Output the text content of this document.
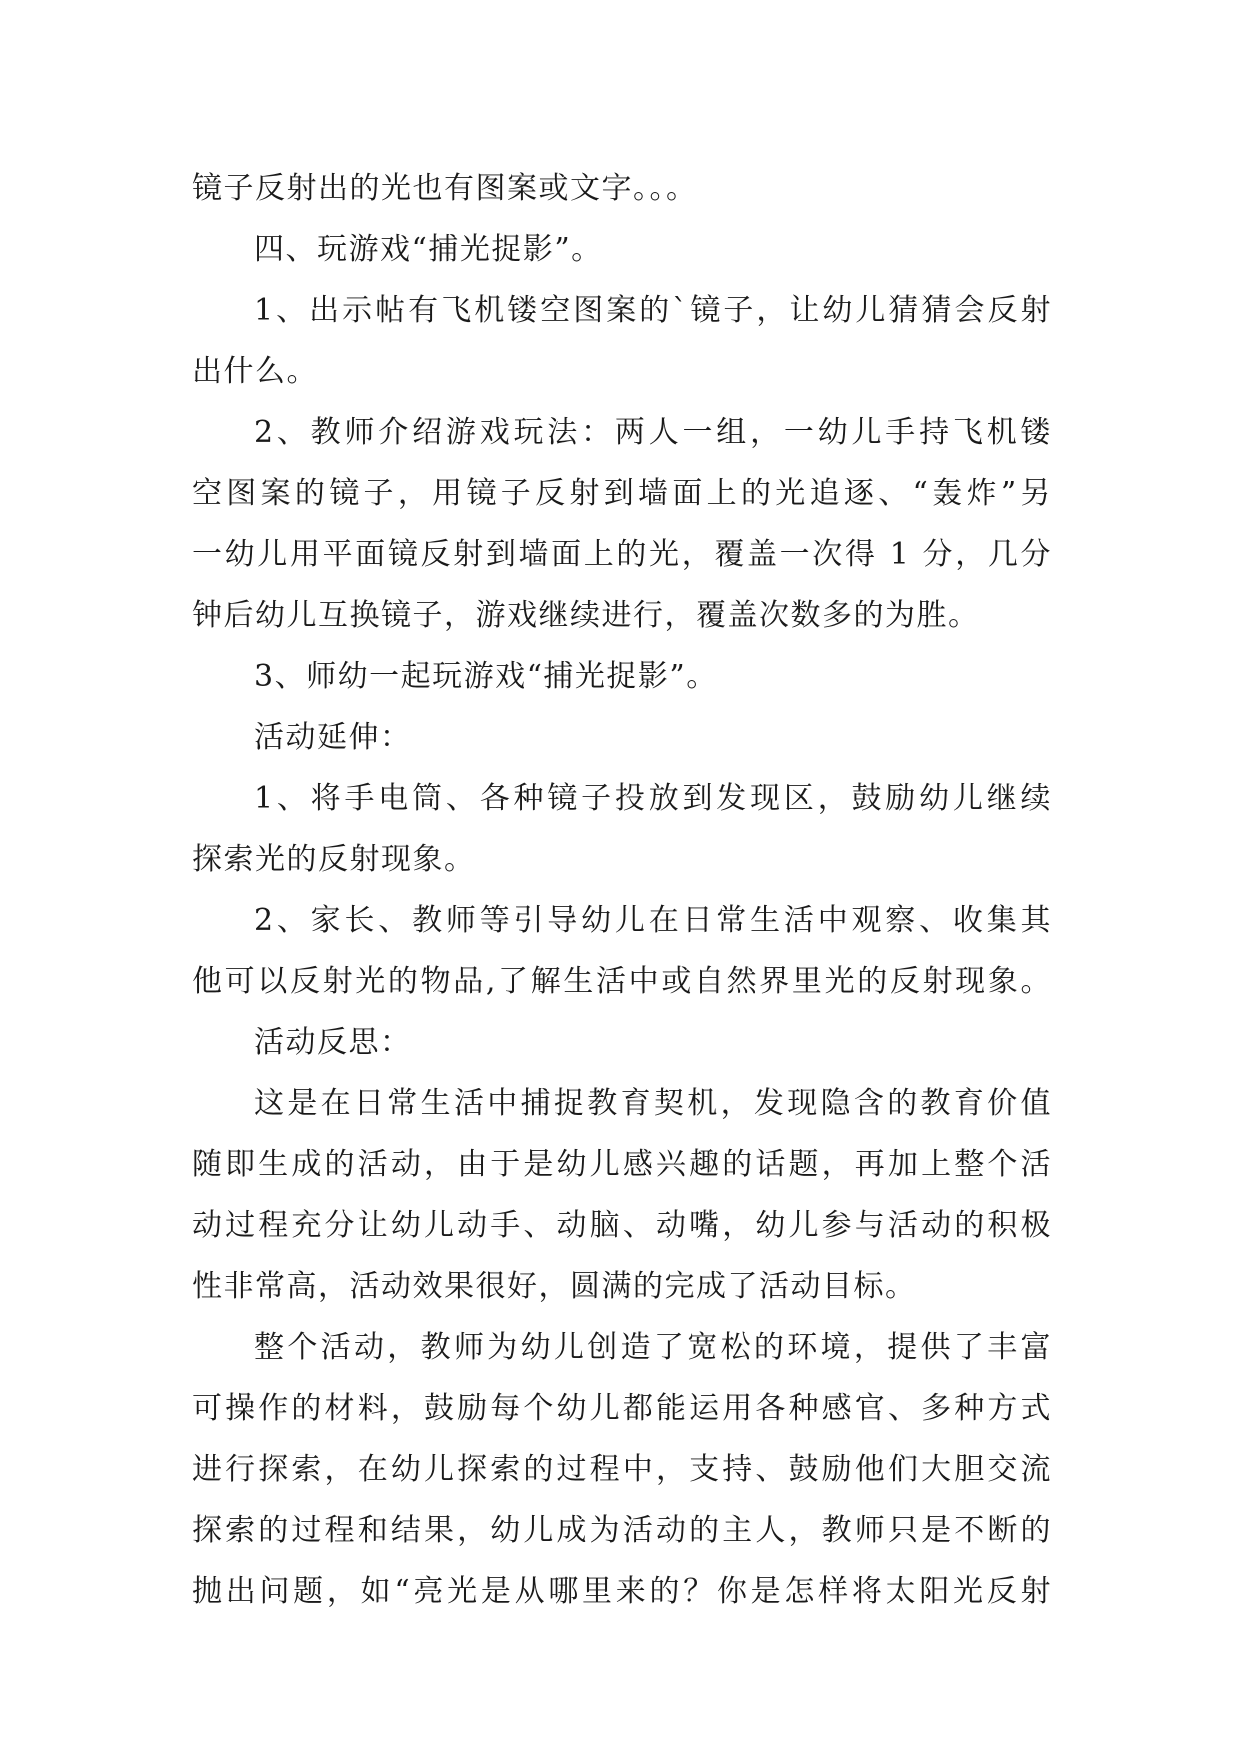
镜子反射出的光也有图案或文字。。。
四、玩游戏“捕光捉影”。
1、出示帖有飞机镂空图案的`镜子，让幼儿猜猜会反射
出什么。
2、教师介绍游戏玩法：两人一组，一幼儿手持飞机镂
空图案的镜子，用镜子反射到墙面上的光追逐、“轰炸”另
一幼儿用平面镜反射到墙面上的光，覆盖一次得 1 分，几分
钟后幼儿互换镜子，游戏继续进行，覆盖次数多的为胜。
3、师幼一起玩游戏“捕光捉影”。
活动延伸：
1、将手电筒、各种镜子投放到发现区，鼓励幼儿继续
探索光的反射现象。
2、家长、教师等引导幼儿在日常生活中观察、收集其
他可以反射光的物品,了解生活中或自然界里光的反射现象。
活动反思：
这是在日常生活中捕捉教育契机，发现隐含的教育价值
随即生成的活动，由于是幼儿感兴趣的话题，再加上整个活
动过程充分让幼儿动手、动脑、动嘴，幼儿参与活动的积极
性非常高，活动效果很好，圆满的完成了活动目标。
整个活动，教师为幼儿创造了宽松的环境，提供了丰富
可操作的材料，鼓励每个幼儿都能运用各种感官、多种方式
进行探索，在幼儿探索的过程中，支持、鼓励他们大胆交流
探索的过程和结果，幼儿成为活动的主人，教师只是不断的
抛出问题，如“亮光是从哪里来的？你是怎样将太阳光反射
